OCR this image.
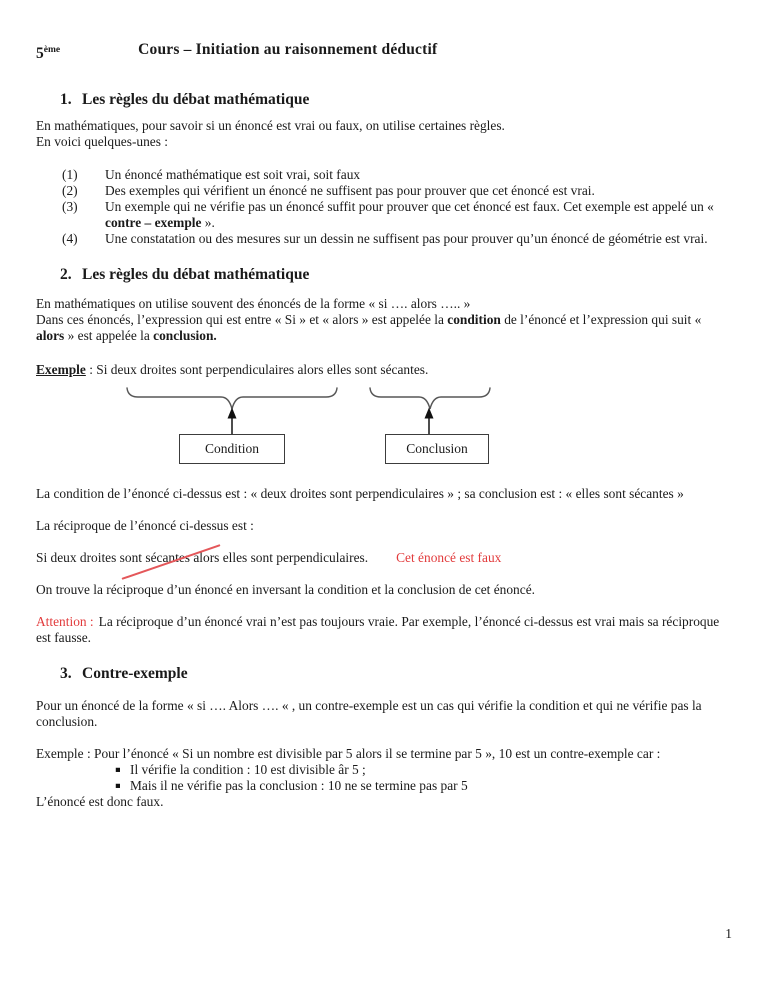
5ème	Cours – Initiation au raisonnement déductif
1. Les règles du débat mathématique

En mathématiques, pour savoir si un énoncé est vrai ou faux, on utilise certaines règles.
En voici quelques-unes :

(1)	Un énoncé mathématique est soit vrai, soit faux
(2)	Des exemples qui vérifient un énoncé ne suffisent pas pour prouver que cet énoncé est vrai.
(3)	Un exemple qui ne vérifie pas un énoncé suffit pour prouver que cet énoncé est faux. Cet exemple est appelé un « contre – exemple ».
(4)	Une constatation ou des mesures sur un dessin ne suffisent pas pour prouver qu’un énoncé de géométrie est vrai.
2. Les règles du débat mathématique

En mathématiques on utilise souvent des énoncés de la forme « si …. alors ….. »
Dans ces énoncés, l’expression qui est entre « Si » et « alors » est appelée la condition de l’énoncé et l’expression qui suit « alors » est appelée la conclusion.

Exemple : Si deux droites sont perpendiculaires alors elles sont sécantes.

Condition	Conclusion

La condition de l’énoncé ci-dessus est : « deux droites sont perpendiculaires » ; sa conclusion est : « elles sont sécantes »

La réciproque de l’énoncé ci-dessus est :

Si deux droites sont sécantes
alors elles sont perpendiculaires. Cet énoncé est faux

On trouve la réciproque d’un énoncé en inversant la condition et la conclusion de cet énoncé.

Attention : La réciproque d’un énoncé vrai n’est pas toujours vraie. Par exemple, l’énoncé ci-dessus est vrai mais sa réciproque est fausse.

3. Contre-exemple

Pour un énoncé de la forme « si …. Alors …. « , un contre-exemple est un cas qui vérifie la condition et qui ne vérifie pas la conclusion.

Exemple : Pour l’énoncé « Si un nombre est divisible par 5 alors il se termine par 5 », 10 est un contre-exemple car :

▪ Il vérifie la condition : 10 est divisible âr 5 ;
▪ Mais il ne vérifie pas la conclusion : 10 ne se termine pas par 5

L’énoncé est donc faux.

1
